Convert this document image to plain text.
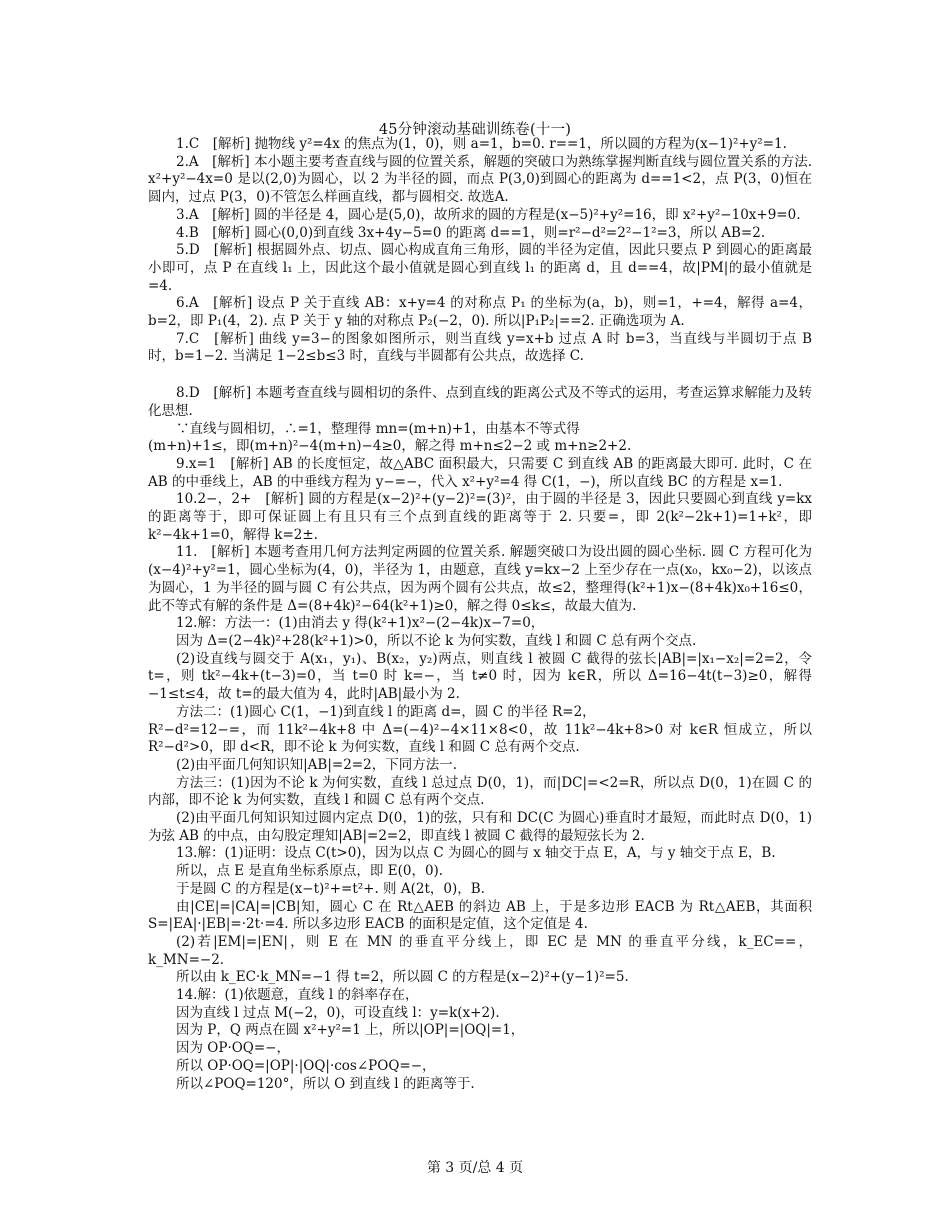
45分钟滚动基础训练卷(十一)

1.C　[解析] 抛物线 y²=4x 的焦点为(1，0)，则 a=1，b=0. r==1，所以圆的方程为(x−1)²+y²=1.

2.A　[解析] 本小题主要考查直线与圆的位置关系，解题的突破口为熟练掌握判断直线与圆位置关系的方法. x²+y²−4x=0 是以(2,0)为圆心，以 2 为半径的圆，而点 P(3,0)到圆心的距离为 d==1<2，点 P(3，0)恒在圆内，过点 P(3，0)不管怎么样画直线，都与圆相交. 故选A.

3.A　[解析] 圆的半径是 4，圆心是(5,0)，故所求的圆的方程是(x−5)²+y²=16，即 x²+y²−10x+9=0.

4.B　[解析] 圆心(0,0)到直线 3x+4y−5=0 的距离 d==1，则=r²−d²=2²−1²=3，所以 AB=2.

5.D　[解析] 根据圆外点、切点、圆心构成直角三角形，圆的半径为定值，因此只要点 P 到圆心的距离最小即可，点 P 在直线 l₁ 上，因此这个最小值就是圆心到直线 l₁ 的距离 d，且 d==4，故|PM|的最小值就是=4.

6.A　[解析] 设点 P 关于直线 AB：x+y=4 的对称点 P₁ 的坐标为(a，b)，则=1，+=4，解得 a=4，b=2，即 P₁(4，2). 点 P 关于 y 轴的对称点 P₂(−2，0). 所以|P₁P₂|==2. 正确选项为 A.

7.C　[解析] 曲线 y=3−的图象如图所示，则当直线 y=x+b 过点 A 时 b=3，当直线与半圆切于点 B 时，b=1−2. 当满足 1−2≤b≤3 时，直线与半圆都有公共点，故选择 C.

8.D　[解析] 本题考查直线与圆相切的条件、点到直线的距离公式及不等式的运用，考查运算求解能力及转化思想.

∵直线与圆相切，∴=1，整理得 mn=(m+n)+1，由基本不等式得

(m+n)+1≤，即(m+n)²−4(m+n)−4≥0，解之得 m+n≤2−2 或 m+n≥2+2.

9.x=1　[解析] AB 的长度恒定，故△ABC 面积最大，只需要 C 到直线 AB 的距离最大即可. 此时，C 在 AB 的中垂线上，AB 的中垂线方程为 y−=−，代入 x²+y²=4 得 C(1，−)，所以直线 BC 的方程是 x=1.

10.2−，2+　[解析] 圆的方程是(x−2)²+(y−2)²=(3)²，由于圆的半径是 3，因此只要圆心到直线 y=kx 的距离等于，即可保证圆上有且只有三个点到直线的距离等于 2. 只要=，即 2(k²−2k+1)=1+k²，即 k²−4k+1=0，解得 k=2±.

11.　[解析] 本题考查用几何方法判定两圆的位置关系. 解题突破口为设出圆的圆心坐标. 圆 C 方程可化为(x−4)²+y²=1，圆心坐标为(4，0)，半径为 1，由题意，直线 y=kx−2 上至少存在一点(x₀，kx₀−2)，以该点为圆心，1 为半径的圆与圆 C 有公共点，因为两个圆有公共点，故≤2，整理得(k²+1)x−(8+4k)x₀+16≤0，此不等式有解的条件是 Δ=(8+4k)²−64(k²+1)≥0，解之得 0≤k≤，故最大值为.

12.解：方法一：(1)由消去 y 得(k²+1)x²−(2−4k)x−7=0，

因为 Δ=(2−4k)²+28(k²+1)>0，所以不论 k 为何实数，直线 l 和圆 C 总有两个交点.

(2)设直线与圆交于 A(x₁，y₁)、B(x₂，y₂)两点，则直线 l 被圆 C 截得的弦长|AB|=|x₁−x₂|=2=2，令 t=，则 tk²−4k+(t−3)=0，当 t=0 时 k=−，当 t≠0 时，因为 k∈R，所以 Δ=16−4t(t−3)≥0，解得−1≤t≤4，故 t=的最大值为 4，此时|AB|最小为 2.

方法二：(1)圆心 C(1，−1)到直线 l 的距离 d=，圆 C 的半径 R=2，

R²−d²=12−=，而 11k²−4k+8 中 Δ=(−4)²−4×11×8<0，故 11k²−4k+8>0 对 k∈R 恒成立，所以 R²−d²>0，即 d<R，即不论 k 为何实数，直线 l 和圆 C 总有两个交点.

(2)由平面几何知识知|AB|=2=2，下同方法一.

方法三：(1)因为不论 k 为何实数，直线 l 总过点 D(0，1)，而|DC|=<2=R，所以点 D(0，1)在圆 C 的内部，即不论 k 为何实数，直线 l 和圆 C 总有两个交点.

(2)由平面几何知识知过圆内定点 D(0，1)的弦，只有和 DC(C 为圆心)垂直时才最短，而此时点 D(0，1)为弦 AB 的中点，由勾股定理知|AB|=2=2，即直线 l 被圆 C 截得的最短弦长为 2.

13.解：(1)证明：设点 C(t>0)，因为以点 C 为圆心的圆与 x 轴交于点 E，A，与 y 轴交于点 E，B.

所以，点 E 是直角坐标系原点，即 E(0，0).

于是圆 C 的方程是(x−t)²+=t²+. 则 A(2t，0)，B.

由|CE|=|CA|=|CB|知，圆心 C 在 Rt△AEB 的斜边 AB 上，于是多边形 EACB 为 Rt△AEB，其面积 S=|EA|·|EB|=·2t·=4. 所以多边形 EACB 的面积是定值，这个定值是 4.

(2)若|EM|=|EN|，则 E 在 MN 的垂直平分线上，即 EC 是 MN 的垂直平分线，k_EC==，k_MN=−2.

所以由 k_EC·k_MN=−1 得 t=2，所以圆 C 的方程是(x−2)²+(y−1)²=5.

14.解：(1)依题意，直线 l 的斜率存在，

因为直线 l 过点 M(−2，0)，可设直线 l：y=k(x+2).

因为 P，Q 两点在圆 x²+y²=1 上，所以|OP|=|OQ|=1，

因为 OP·OQ=−，

所以 OP·OQ=|OP|·|OQ|·cos∠POQ=−，

所以∠POQ=120°，所以 O 到直线 l 的距离等于.

第 3 页/总 4 页
